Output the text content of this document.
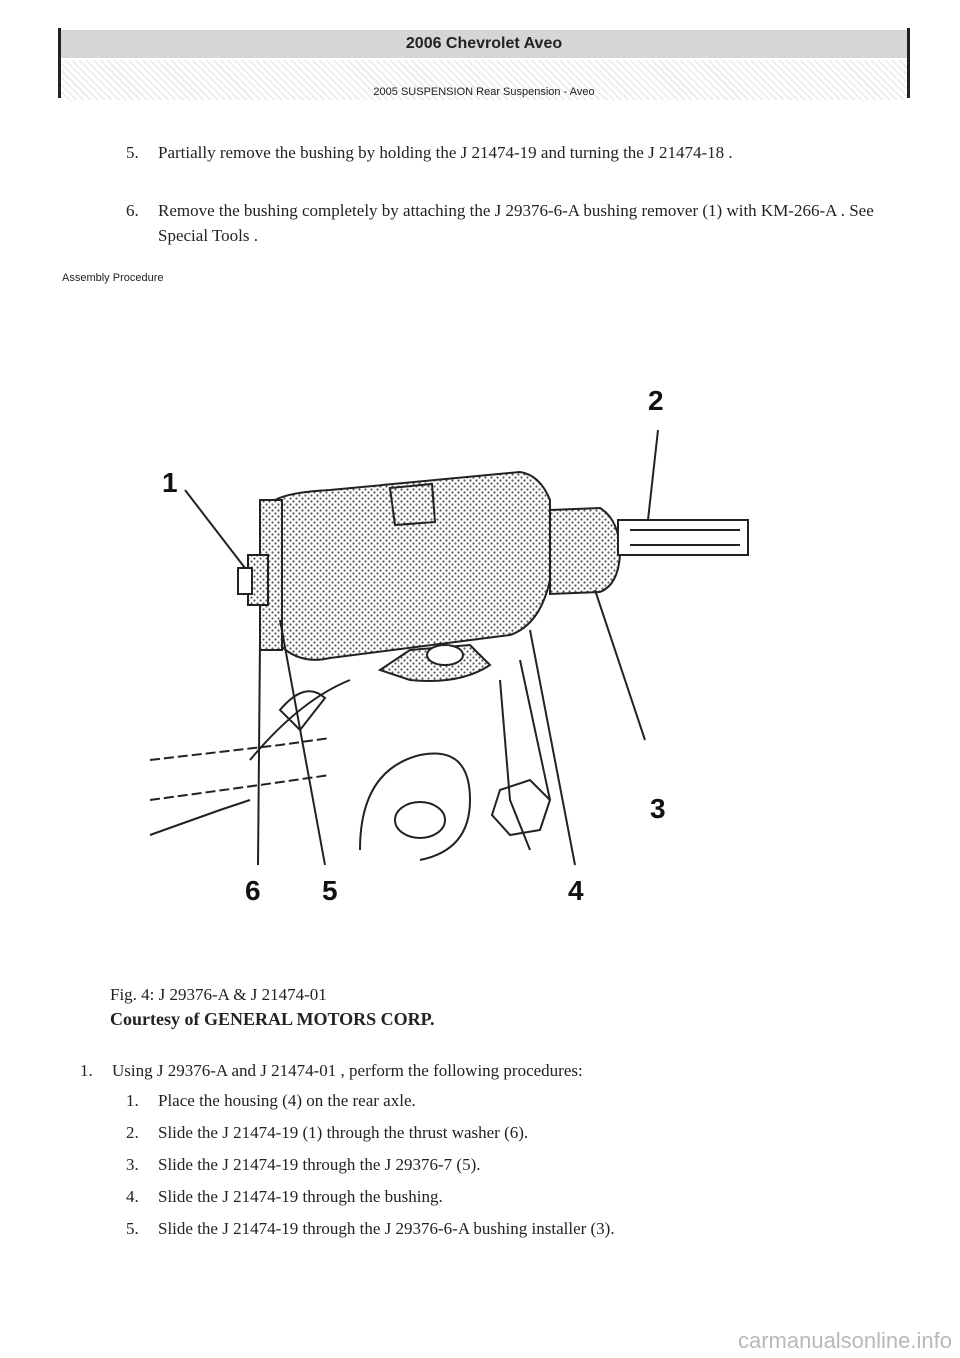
2006 Chevrolet Aveo
2005 SUSPENSION Rear Suspension - Aveo
5. Partially remove the bushing by holding the J 21474-19 and turning the J 21474-18 .
6. Remove the bushing completely by attaching the J 29376-6-A bushing remover (1) with KM-266-A . See Special Tools .
Assembly Procedure
1
2
3
4
5
6
Fig. 4: J 29376-A & J 21474-01
Courtesy of GENERAL MOTORS CORP.
1. Using J 29376-A and J 21474-01 , perform the following procedures:
1. Place the housing (4) on the rear axle.
2. Slide the J 21474-19 (1) through the thrust washer (6).
3. Slide the J 21474-19 through the J 29376-7 (5).
4. Slide the J 21474-19 through the bushing.
5. Slide the J 21474-19 through the J 29376-6-A bushing installer (3).
carmanualsonline.info
